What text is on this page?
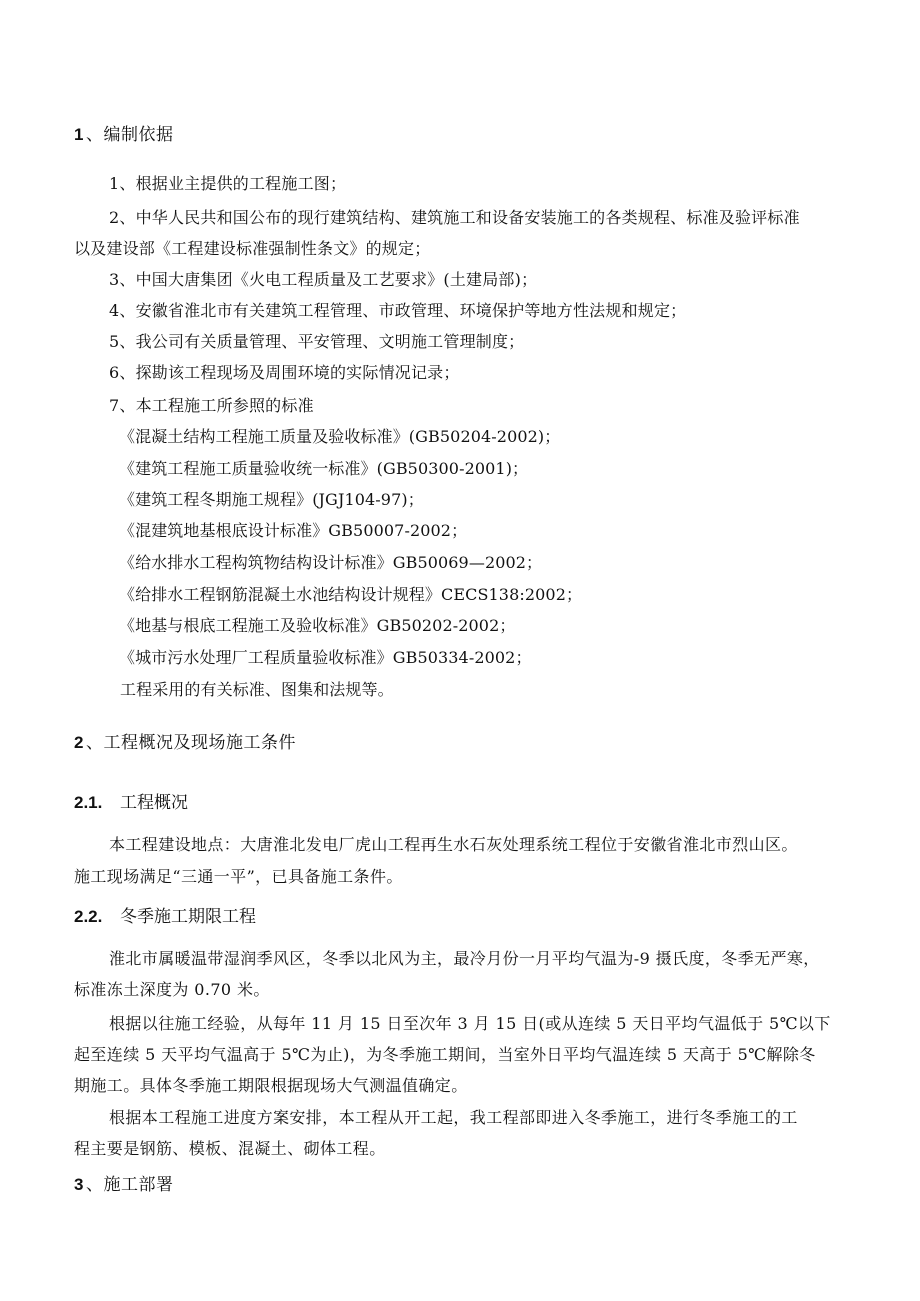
1 、编制依据
1、根据业主提供的工程施工图；
2、中华人民共和国公布的现行建筑结构、建筑施工和设备安装施工的各类规程、标准及验评标准
以及建设部《工程建设标准强制性条文》的规定；
3、中国大唐集团《火电工程质量及工艺要求》(土建局部)；
4、安徽省淮北市有关建筑工程管理、市政管理、环境保护等地方性法规和规定；
5、我公司有关质量管理、平安管理、文明施工管理制度；
6、探勘该工程现场及周围环境的实际情况记录；
7、本工程施工所参照的标准
《混凝土结构工程施工质量及验收标准》(GB50204-2002)；
《建筑工程施工质量验收统一标准》(GB50300-2001)；
《建筑工程冬期施工规程》(JGJ104-97)；
《混建筑地基根底设计标准》GB50007-2002；
《给水排水工程构筑物结构设计标准》GB50069—2002；
《给排水工程钢筋混凝土水池结构设计规程》CECS138:2002；
《地基与根底工程施工及验收标准》GB50202-2002；
《城市污水处理厂工程质量验收标准》GB50334-2002；
工程采用的有关标准、图集和法规等。
2 、工程概况及现场施工条件
2.1. 工程概况
本工程建设地点：大唐淮北发电厂虎山工程再生水石灰处理系统工程位于安徽省淮北市烈山区。
施工现场满足“三通一平”，已具备施工条件。
2.2. 冬季施工期限工程
淮北市属暖温带湿润季风区，冬季以北风为主，最冷月份一月平均气温为-9 摄氏度，冬季无严寒，
标准冻土深度为 0.70 米。
根据以往施工经验，从每年 11 月 15 日至次年 3 月 15 日(或从连续 5 天日平均气温低于 5℃以下
起至连续 5 天平均气温高于 5℃为止)，为冬季施工期间，当室外日平均气温连续 5 天高于 5℃解除冬
期施工。具体冬季施工期限根据现场大气测温值确定。
根据本工程施工进度方案安排，本工程从开工起，我工程部即进入冬季施工，进行冬季施工的工
程主要是钢筋、模板、混凝土、砌体工程。
3 、施工部署
